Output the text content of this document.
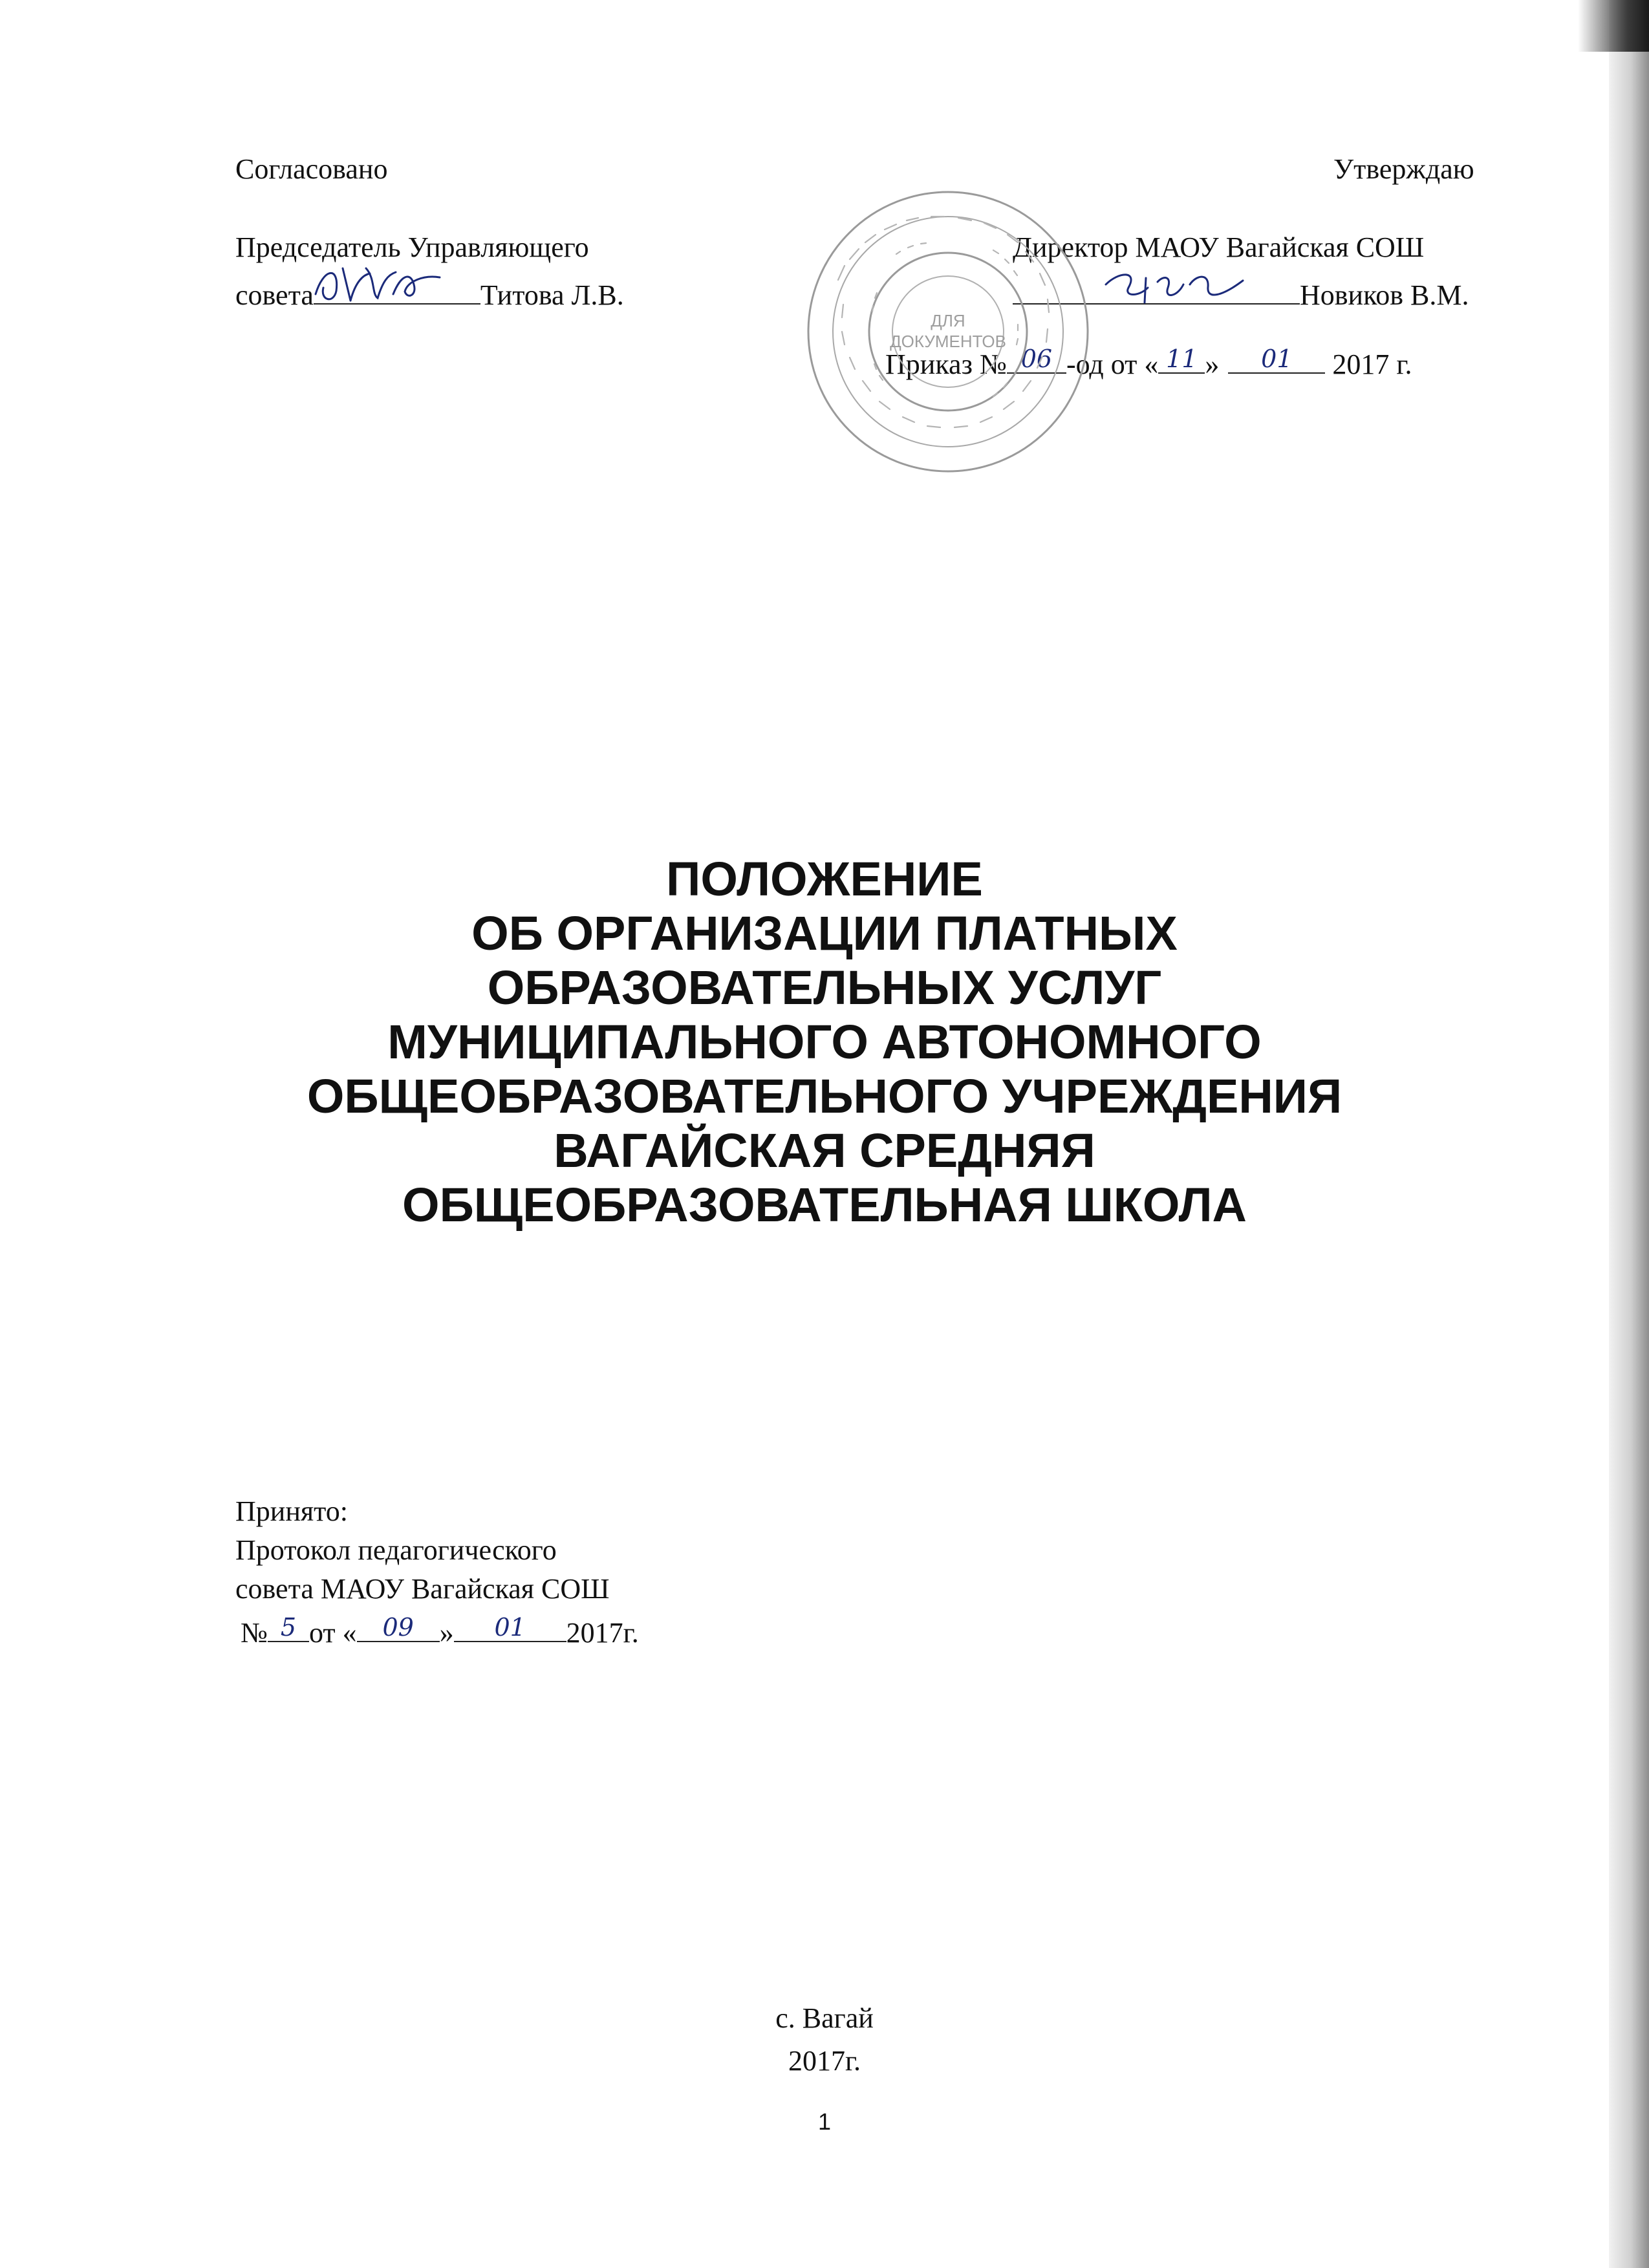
Согласовано
Председатель Управляющего
совета	Титова Л.В.
Утверждаю
Директор МАОУ Вагайская СОШ
Новиков В.М.
Приказ № 06 -од от « 11 »	01	2017 г.
ДЛЯ
ДОКУМЕНТОВ
ПОЛОЖЕНИЕ
ОБ ОРГАНИЗАЦИИ ПЛАТНЫХ
ОБРАЗОВАТЕЛЬНЫХ УСЛУГ
МУНИЦИПАЛЬНОГО АВТОНОМНОГО
ОБЩЕОБРАЗОВАТЕЛЬНОГО УЧРЕЖДЕНИЯ
ВАГАЙСКАЯ СРЕДНЯЯ
ОБЩЕОБРАЗОВАТЕЛЬНАЯ ШКОЛА
Принято:
Протокол педагогического
совета МАОУ Вагайская СОШ
№ 5 от «	09 »	01	2017г.
с. Вагай
2017г.
1
